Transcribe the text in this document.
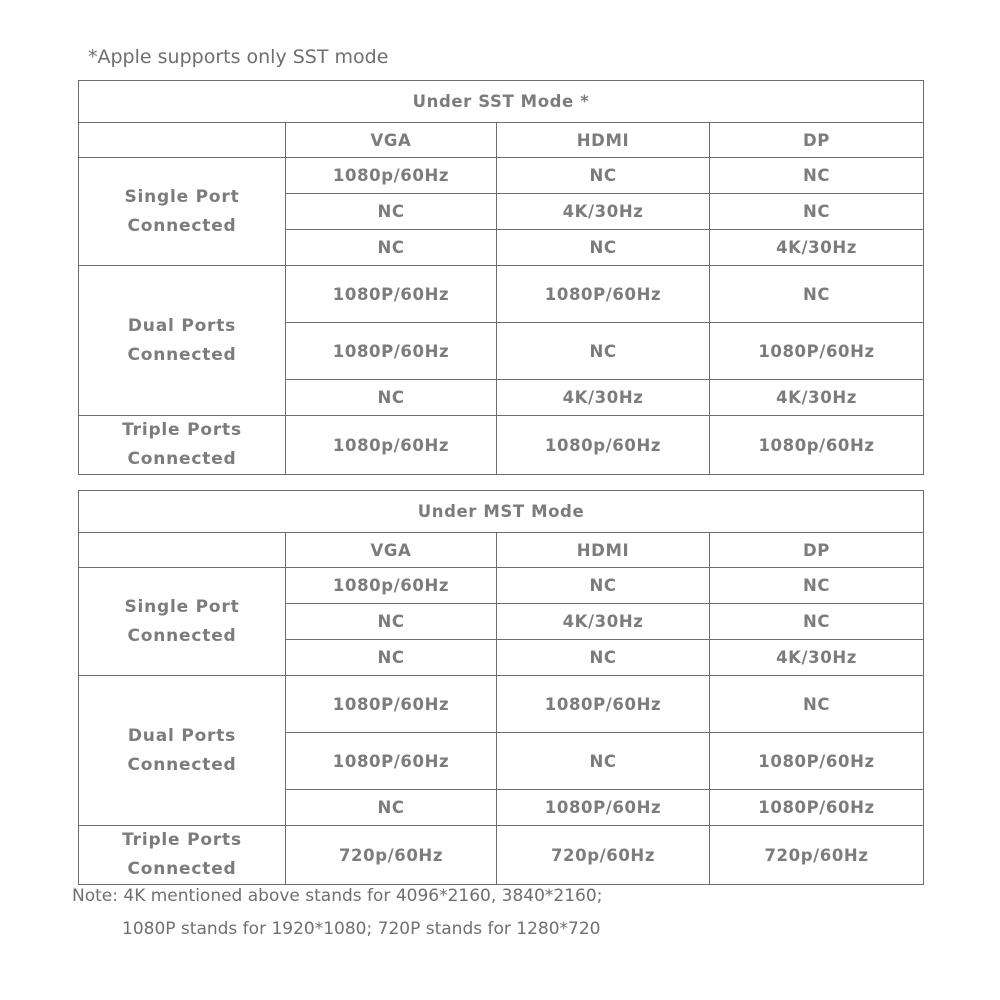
*Apple supports only SST mode
Under SST Mode *			
	VGA	HDMI	DP

Single Port
Connected	1080p/60Hz	NC	NC
	NC	4K/30Hz	NC
	NC	NC	4K/30Hz

Dual Ports
Connected	1080P/60Hz	1080P/60Hz	NC
	1080P/60Hz	NC	1080P/60Hz
	NC	4K/30Hz	4K/30Hz

Triple Ports
Connected	1080p/60Hz	1080p/60Hz	1080p/60Hz
Under MST Mode			
	VGA	HDMI	DP

Single Port
Connected	1080p/60Hz	NC	NC
	NC	4K/30Hz	NC
	NC	NC	4K/30Hz

Dual Ports
Connected	1080P/60Hz	1080P/60Hz	NC
	1080P/60Hz	NC	1080P/60Hz
	NC	1080P/60Hz	1080P/60Hz

Triple Ports
Connected	720p/60Hz	720p/60Hz	720p/60Hz
Note: 4K mentioned above stands for 4096*2160, 3840*2160;
1080P stands for 1920*1080; 720P stands for 1280*720
